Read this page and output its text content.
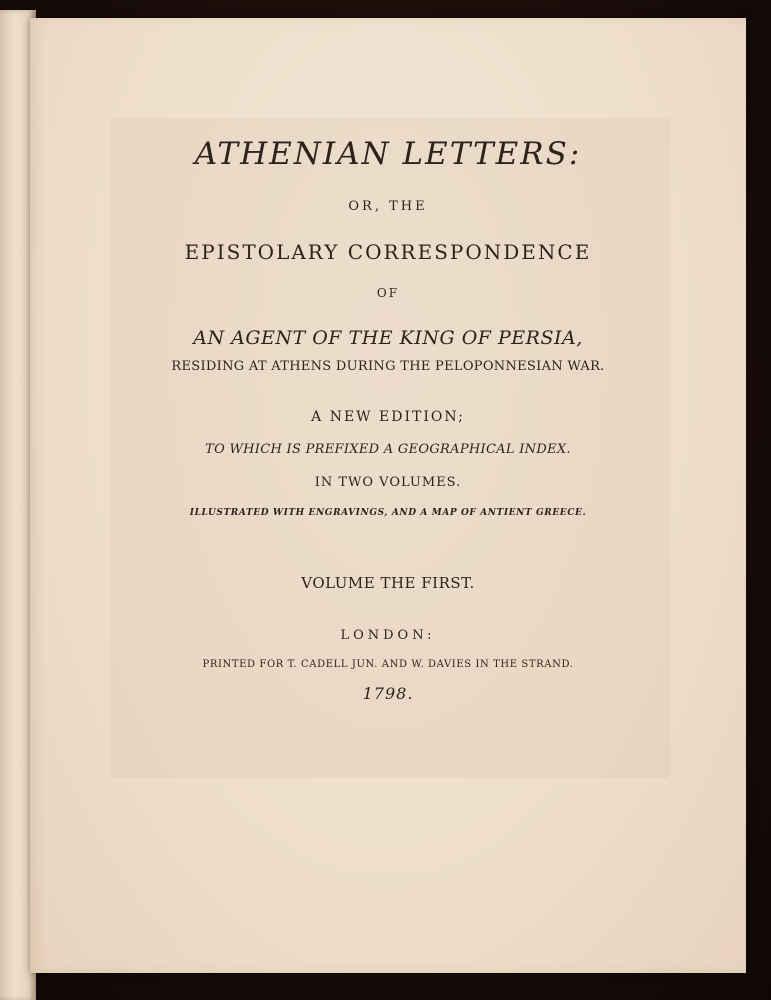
ATHENIAN LETTERS:
OR, THE
EPISTOLARY CORRESPONDENCE
OF
AN AGENT OF THE KING OF PERSIA,
RESIDING AT ATHENS DURING THE PELOPONNESIAN WAR.
A NEW EDITION;
TO WHICH IS PREFIXED A GEOGRAPHICAL INDEX.
IN TWO VOLUMES.
ILLUSTRATED WITH ENGRAVINGS, AND A MAP OF ANTIENT GREECE.
VOLUME THE FIRST.
LONDON:
PRINTED FOR T. CADELL JUN. AND W. DAVIES IN THE STRAND.
1798.
